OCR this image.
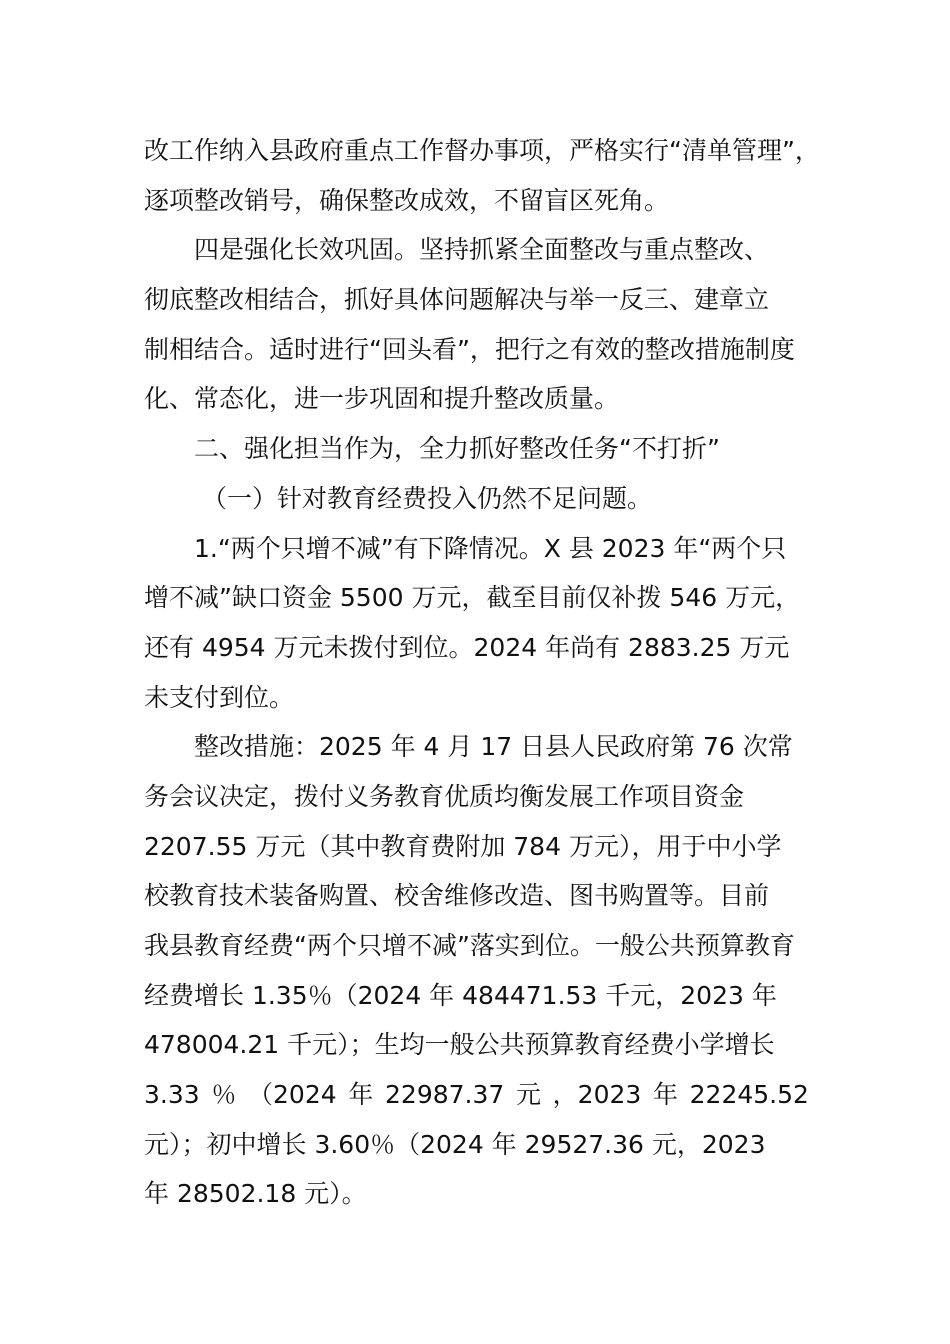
改工作纳入县政府重点工作督办事项，严格实行“清单管理”，
逐项整改销号，确保整改成效，不留盲区死角。
四是强化长效巩固。坚持抓紧全面整改与重点整改、
彻底整改相结合，抓好具体问题解决与举一反三、建章立
制相结合。适时进行“回头看”，把行之有效的整改措施制度
化、常态化，进一步巩固和提升整改质量。
二、强化担当作为，全力抓好整改任务“不打折”
（一）针对教育经费投入仍然不足问题。
1.“两个只增不减”有下降情况。X 县 2023 年“两个只
增不减”缺口资金 5500 万元，截至目前仅补拨 546 万元，
还有 4954 万元未拨付到位。2024 年尚有 2883.25 万元
未支付到位。
整改措施：2025 年 4 月 17 日县人民政府第 76 次常
务会议决定，拨付义务教育优质均衡发展工作项目资金
2207.55 万元（其中教育费附加 784 万元），用于中小学
校教育技术装备购置、校舍维修改造、图书购置等。目前
我县教育经费“两个只增不减”落实到位。一般公共预算教育
经费增长 1.35％（2024 年 484471.53 千元，2023 年
478004.21 千元）；生均一般公共预算教育经费小学增长
3.33 ％ （2024 年 22987.37 元 ，2023 年 22245.52
元）；初中增长 3.60％（2024 年 29527.36 元，2023
年 28502.18 元）。
